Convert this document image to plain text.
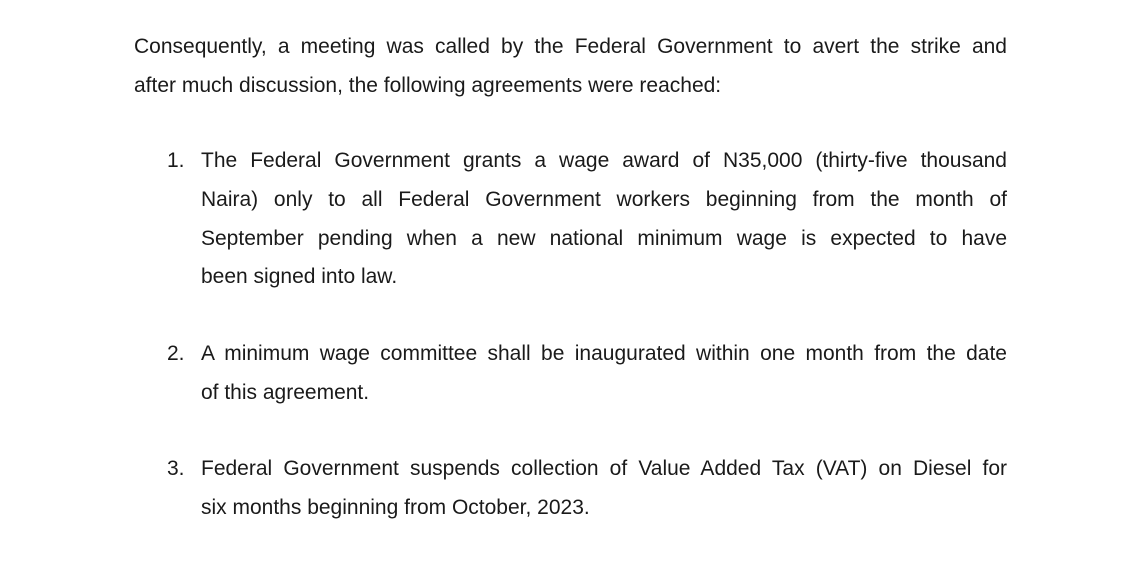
Consequently, a meeting was called by the Federal Government to avert the strike and
after much discussion, the following agreements were reached:

1. The Federal Government grants a wage award of N35,000 (thirty-five thousand
Naira) only to all Federal Government workers beginning from the month of
September pending when a new national minimum wage is expected to have
been signed into law.
2. A minimum wage committee shall be inaugurated within one month from the date
of this agreement.
3. Federal Government suspends collection of Value Added Tax (VAT) on Diesel for
six months beginning from October, 2023.
